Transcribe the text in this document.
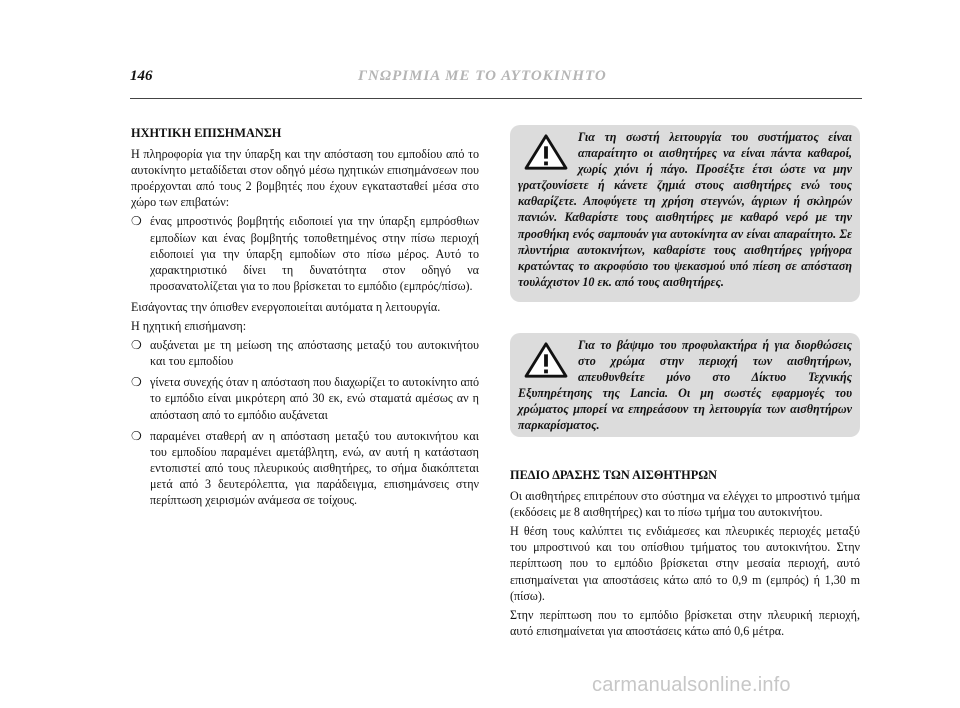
146	ΓΝΩΡΙΜΙΑ ΜΕ ΤΟ ΑΥΤΟΚΙΝΗΤΟ
ΗΧΗΤΙΚΗ ΕΠΙΣΗΜΑΝΣΗ
Η πληροφορία για την ύπαρξη και την απόσταση του εμποδίου από το αυτοκίνητο μεταδίδεται στον οδηγό μέσω ηχητικών επισημάνσεων που προέρχονται από τους 2 βομβητές που έχουν εγκατασταθεί μέσα στο χώρο των επιβατών:
❍ ένας μπροστινός βομβητής ειδοποιεί για την ύπαρξη εμπρόσθιων εμποδίων και ένας βομβητής τοποθετημένος στην πίσω περιοχή ειδοποιεί για την ύπαρξη εμποδίων στο πίσω μέρος. Αυτό το χαρακτηριστικό δίνει τη δυνατότητα στον οδηγό να προσανατολίζεται για το που βρίσκεται το εμπόδιο (εμπρός/πίσω).
Εισάγοντας την όπισθεν ενεργοποιείται αυτόματα η λειτουργία.
Η ηχητική επισήμανση:
❍ αυξάνεται με τη μείωση της απόστασης μεταξύ του αυτοκινήτου και του εμποδίου
❍ γίνετα συνεχής όταν η απόσταση που διαχωρίζει το αυτοκίνητο από το εμπόδιο είναι μικρότερη από 30 εκ, ενώ σταματά αμέσως αν η απόσταση από το εμπόδιο αυξάνεται
❍ παραμένει σταθερή αν η απόσταση μεταξύ του αυτοκινήτου και του εμποδίου παραμένει αμετάβλητη, ενώ, αν αυτή η κατάσταση εντοπιστεί από τους πλευρικούς αισθητήρες, το σήμα διακόπτεται μετά από 3 δευτερόλεπτα, για παράδειγμα, επισημάνσεις στην περίπτωση χειρισμών ανάμεσα σε τοίχους.
Για τη σωστή λειτουργία του συστήματος είναι απαραίτητο οι αισθητήρες να είναι πάντα καθαροί, χωρίς χιόνι ή πάγο. Προσέξτε έτσι ώστε να μην γρατζουνίσετε ή κάνετε ζημιά στους αισθητήρες ενώ τους καθαρίζετε. Αποφύγετε τη χρήση στεγνών, άγριων ή σκληρών πανιών. Καθαρίστε τους αισθητήρες με καθαρό νερό με την προσθήκη ενός σαμπουάν για αυτοκίνητα αν είναι απαραίτητο. Σε πλυντήρια αυτοκινήτων, καθαρίστε τους αισθητήρες γρήγορα κρατώντας το ακροφύσιο του ψεκασμού υπό πίεση σε απόσταση τουλάχιστον 10 εκ. από τους αισθητήρες.
Για το βάψιμο του προφυλακτήρα ή για διορθώσεις στο χρώμα στην περιοχή των αισθητήρων, απευθυνθείτε μόνο στο Δίκτυο Τεχνικής Εξυπηρέτησης της Lancia. Οι μη σωστές εφαρμογές του χρώματος μπορεί να επηρεάσουν τη λειτουργία των αισθητήρων παρκαρίσματος.
ΠΕΔΙΟ ΔΡΑΣΗΣ ΤΩΝ ΑΙΣΘΗΤΗΡΩΝ
Οι αισθητήρες επιτρέπουν στο σύστημα να ελέγχει το μπροστινό τμήμα (εκδόσεις με 8 αισθητήρες) και το πίσω τμήμα του αυτοκινήτου.
Η θέση τους καλύπτει τις ενδιάμεσες και πλευρικές περιοχές μεταξύ του μπροστινού και του οπίσθιου τμήματος του αυτοκινήτου. Στην περίπτωση που το εμπόδιο βρίσκεται στην μεσαία περιοχή, αυτό επισημαίνεται για αποστάσεις κάτω από το 0,9 m (εμπρός) ή 1,30 m (πίσω).
Στην περίπτωση που το εμπόδιο βρίσκεται στην πλευρική περιοχή, αυτό επισημαίνεται για αποστάσεις κάτω από 0,6 μέτρα.
carmanualsonline.info
